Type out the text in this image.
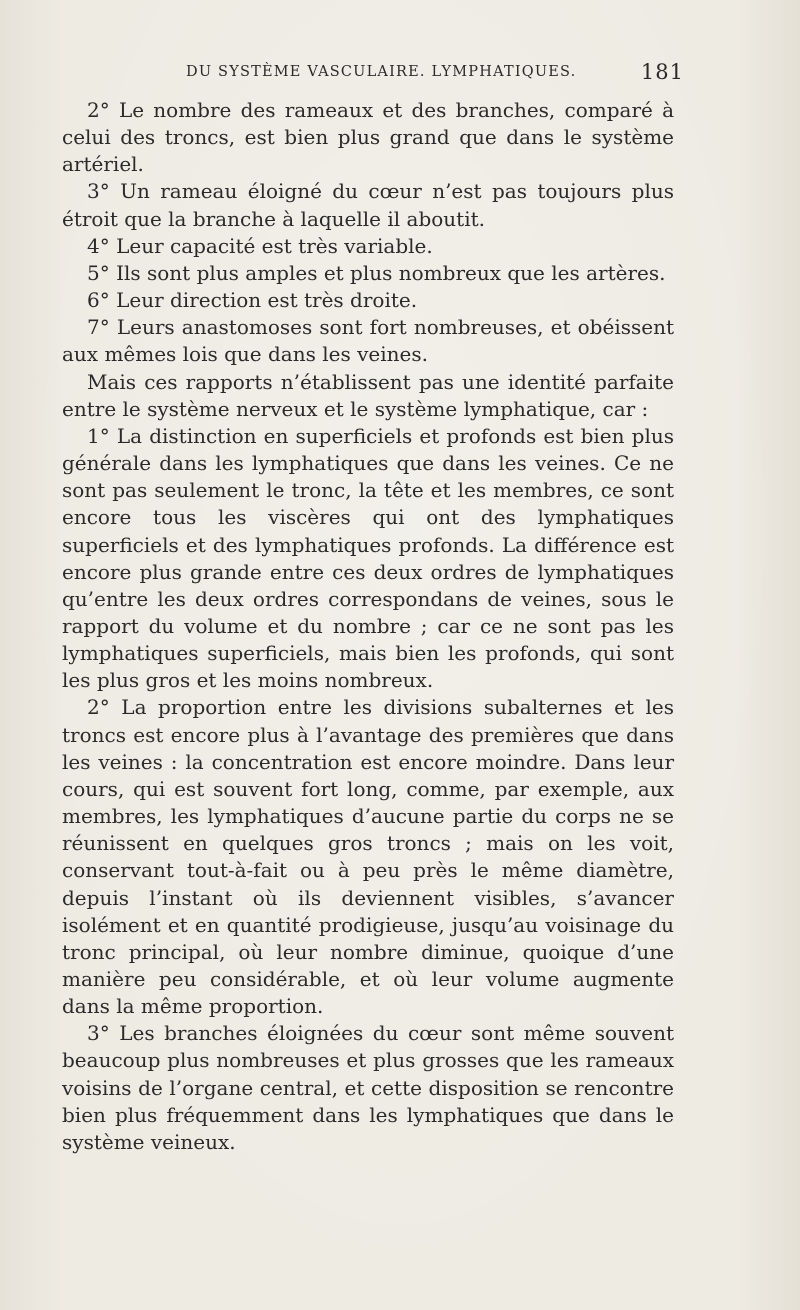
DU SYSTÈME VASCULAIRE. LYMPHATIQUES.	181

2° Le nombre des rameaux et des branches, comparé à celui des troncs, est bien plus grand que dans le système artériel.

3° Un rameau éloigné du cœur n’est pas toujours plus étroit que la branche à laquelle il aboutit.

4° Leur capacité est très variable.

5° Ils sont plus amples et plus nombreux que les artères.

6° Leur direction est très droite.

7° Leurs anastomoses sont fort nombreuses, et obéissent aux mêmes lois que dans les veines.

Mais ces rapports n’établissent pas une identité parfaite entre le système nerveux et le système lymphatique, car :

1° La distinction en superficiels et profonds est bien plus générale dans les lymphatiques que dans les veines. Ce ne sont pas seulement le tronc, la tête et les membres, ce sont encore tous les viscères qui ont des lymphatiques superficiels et des lymphatiques profonds. La différence est encore plus grande entre ces deux ordres de lymphatiques qu’entre les deux ordres correspondans de veines, sous le rapport du volume et du nombre ; car ce ne sont pas les lymphatiques superficiels, mais bien les profonds, qui sont les plus gros et les moins nombreux.

2° La proportion entre les divisions subalternes et les troncs est encore plus à l’avantage des premières que dans les veines : la concentration est encore moindre. Dans leur cours, qui est souvent fort long, comme, par exemple, aux membres, les lymphatiques d’aucune partie du corps ne se réunissent en quelques gros troncs ; mais on les voit, conservant tout-à-fait ou à peu près le même diamètre, depuis l’instant où ils deviennent visibles, s’avancer isolément et en quantité prodigieuse, jusqu’au voisinage du tronc principal, où leur nombre diminue, quoique d’une manière peu considérable, et où leur volume augmente dans la même proportion.

3° Les branches éloignées du cœur sont même souvent beaucoup plus nombreuses et plus grosses que les rameaux voisins de l’organe central, et cette disposition se rencontre bien plus fréquemment dans les lymphatiques que dans le système veineux.
